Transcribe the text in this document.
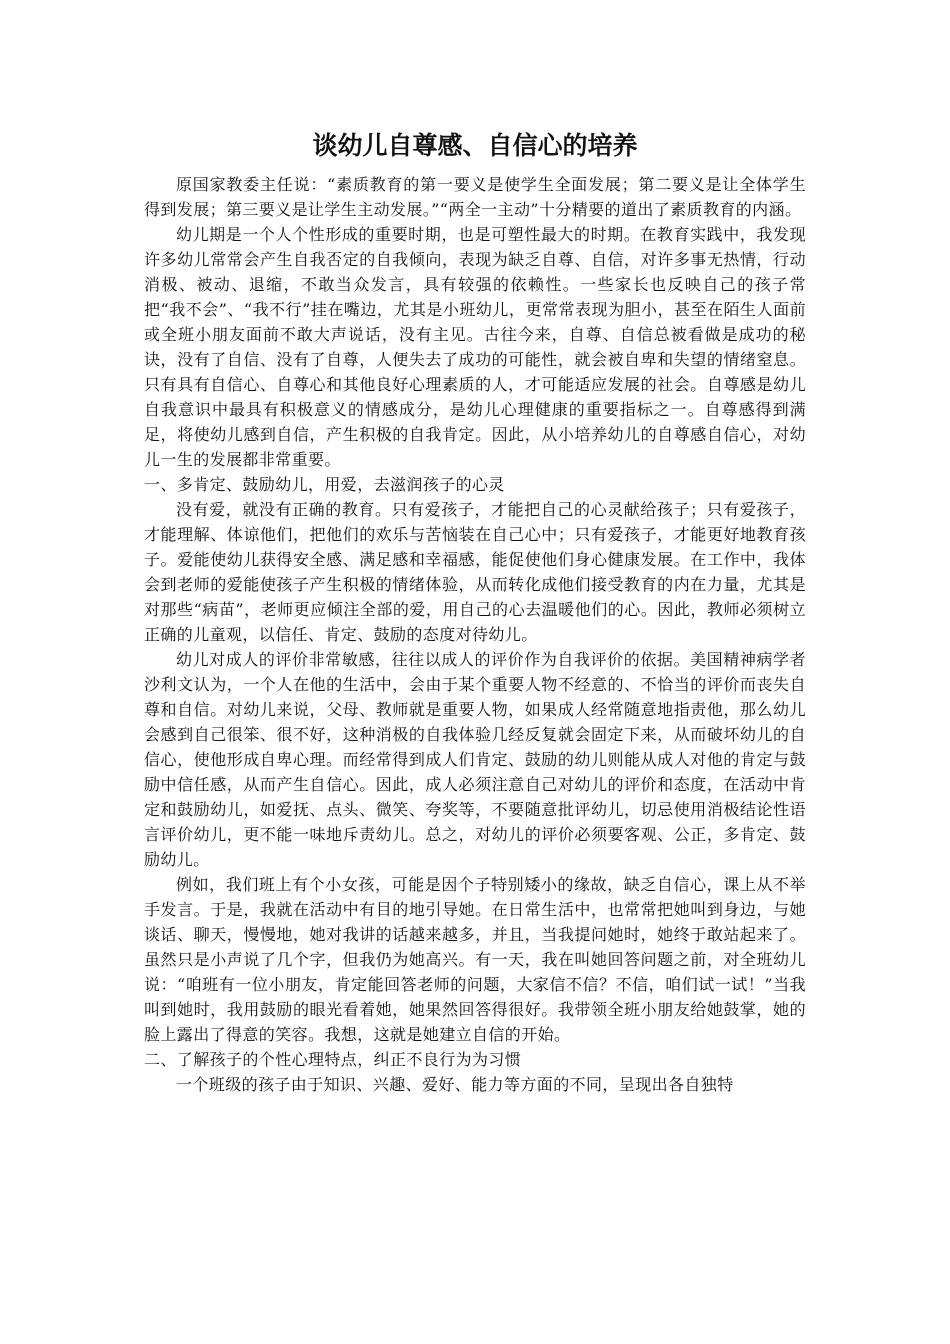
谈幼儿自尊感、自信心的培养
原国家教委主任说：“素质教育的第一要义是使学生全面发展；第二要义是让全体学生得到发展；第三要义是让学生主动发展。”“两全一主动”十分精要的道出了素质教育的内涵。
幼儿期是一个人个性形成的重要时期，也是可塑性最大的时期。在教育实践中，我发现许多幼儿常常会产生自我否定的自我倾向，表现为缺乏自尊、自信，对许多事无热情，行动消极、被动、退缩，不敢当众发言，具有较强的依赖性。一些家长也反映自己的孩子常把“我不会”、“我不行”挂在嘴边，尤其是小班幼儿，更常常表现为胆小，甚至在陌生人面前或全班小朋友面前不敢大声说话，没有主见。古往今来，自尊、自信总被看做是成功的秘诀，没有了自信、没有了自尊，人便失去了成功的可能性，就会被自卑和失望的情绪窒息。只有具有自信心、自尊心和其他良好心理素质的人，才可能适应发展的社会。自尊感是幼儿自我意识中最具有积极意义的情感成分，是幼儿心理健康的重要指标之一。自尊感得到满足，将使幼儿感到自信，产生积极的自我肯定。因此，从小培养幼儿的自尊感自信心，对幼儿一生的发展都非常重要。
一、多肯定、鼓励幼儿，用爱，去滋润孩子的心灵
没有爱，就没有正确的教育。只有爱孩子，才能把自己的心灵献给孩子；只有爱孩子，才能理解、体谅他们，把他们的欢乐与苦恼装在自己心中；只有爱孩子，才能更好地教育孩子。爱能使幼儿获得安全感、满足感和幸福感，能促使他们身心健康发展。在工作中，我体会到老师的爱能使孩子产生积极的情绪体验，从而转化成他们接受教育的内在力量，尤其是对那些“病苗”，老师更应倾注全部的爱，用自己的心去温暖他们的心。因此，教师必须树立正确的儿童观，以信任、肯定、鼓励的态度对待幼儿。
幼儿对成人的评价非常敏感，往往以成人的评价作为自我评价的依据。美国精神病学者沙利文认为，一个人在他的生活中，会由于某个重要人物不经意的、不恰当的评价而丧失自尊和自信。对幼儿来说，父母、教师就是重要人物，如果成人经常随意地指责他，那么幼儿会感到自己很笨、很不好，这种消极的自我体验几经反复就会固定下来，从而破坏幼儿的自信心，使他形成自卑心理。而经常得到成人们肯定、鼓励的幼儿则能从成人对他的肯定与鼓励中信任感，从而产生自信心。因此，成人必须注意自己对幼儿的评价和态度，在活动中肯定和鼓励幼儿，如爱抚、点头、微笑、夸奖等，不要随意批评幼儿，切忌使用消极结论性语言评价幼儿，更不能一味地斥责幼儿。总之，对幼儿的评价必须要客观、公正，多肯定、鼓励幼儿。
例如，我们班上有个小女孩，可能是因个子特别矮小的缘故，缺乏自信心，课上从不举手发言。于是，我就在活动中有目的地引导她。在日常生活中，也常常把她叫到身边，与她谈话、聊天，慢慢地，她对我讲的话越来越多，并且，当我提问她时，她终于敢站起来了。虽然只是小声说了几个字，但我仍为她高兴。有一天，我在叫她回答问题之前，对全班幼儿说：“咱班有一位小朋友，肯定能回答老师的问题，大家信不信？不信，咱们试一试！”当我叫到她时，我用鼓励的眼光看着她，她果然回答得很好。我带领全班小朋友给她鼓掌，她的脸上露出了得意的笑容。我想，这就是她建立自信的开始。
二、了解孩子的个性心理特点，纠正不良行为为习惯
一个班级的孩子由于知识、兴趣、爱好、能力等方面的不同，呈现出各自独特
